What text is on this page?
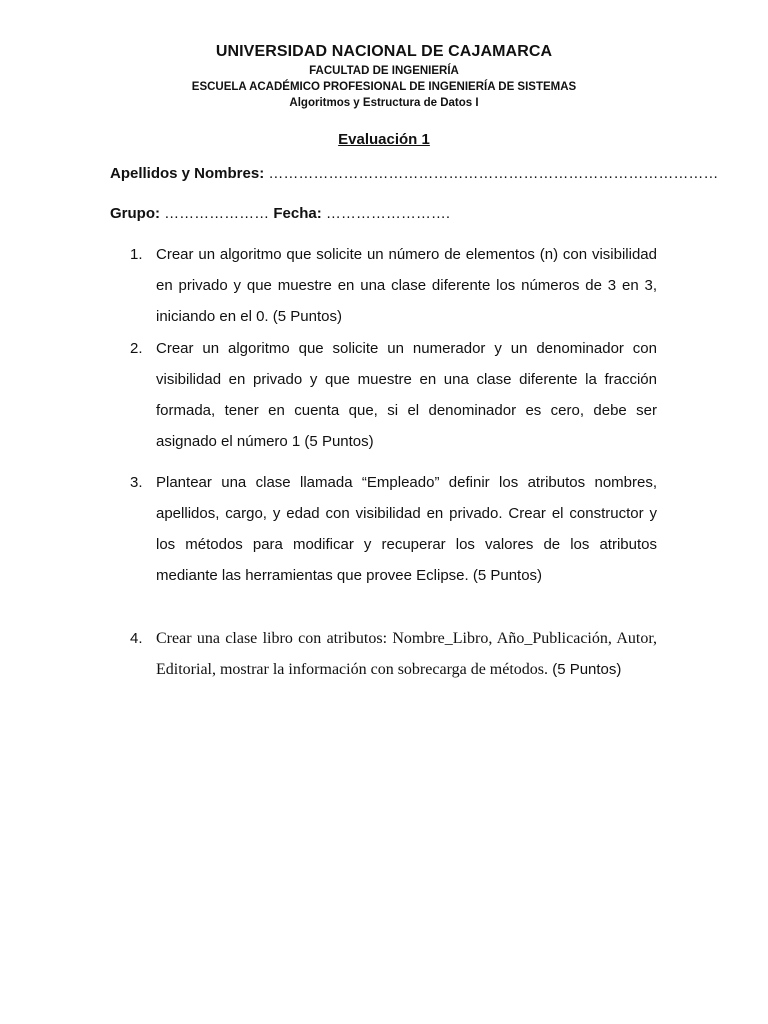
UNIVERSIDAD NACIONAL DE CAJAMARCA
FACULTAD DE INGENIERÍA
ESCUELA ACADÉMICO PROFESIONAL DE INGENIERÍA DE SISTEMAS
Algoritmos y Estructura de Datos I
Evaluación 1
Apellidos y Nombres: ………………………………………………………………………………
Grupo: ………………… Fecha: …………………….
1. Crear un algoritmo que solicite un número de elementos (n) con visibilidad en privado y que muestre en una clase diferente los números de 3 en 3, iniciando en el 0. (5 Puntos)
2. Crear un algoritmo que solicite un numerador y un denominador con visibilidad en privado y que muestre en una clase diferente la fracción formada, tener en cuenta que, si el denominador es cero, debe ser asignado el número 1 (5 Puntos)
3. Plantear una clase llamada “Empleado” definir los atributos nombres, apellidos, cargo, y edad con visibilidad en privado. Crear el constructor y los métodos para modificar y recuperar los valores de los atributos mediante las herramientas que provee Eclipse. (5 Puntos)
4. Crear una clase libro con atributos: Nombre_Libro, Año_Publicación, Autor, Editorial, mostrar la información con sobrecarga de métodos. (5 Puntos)
